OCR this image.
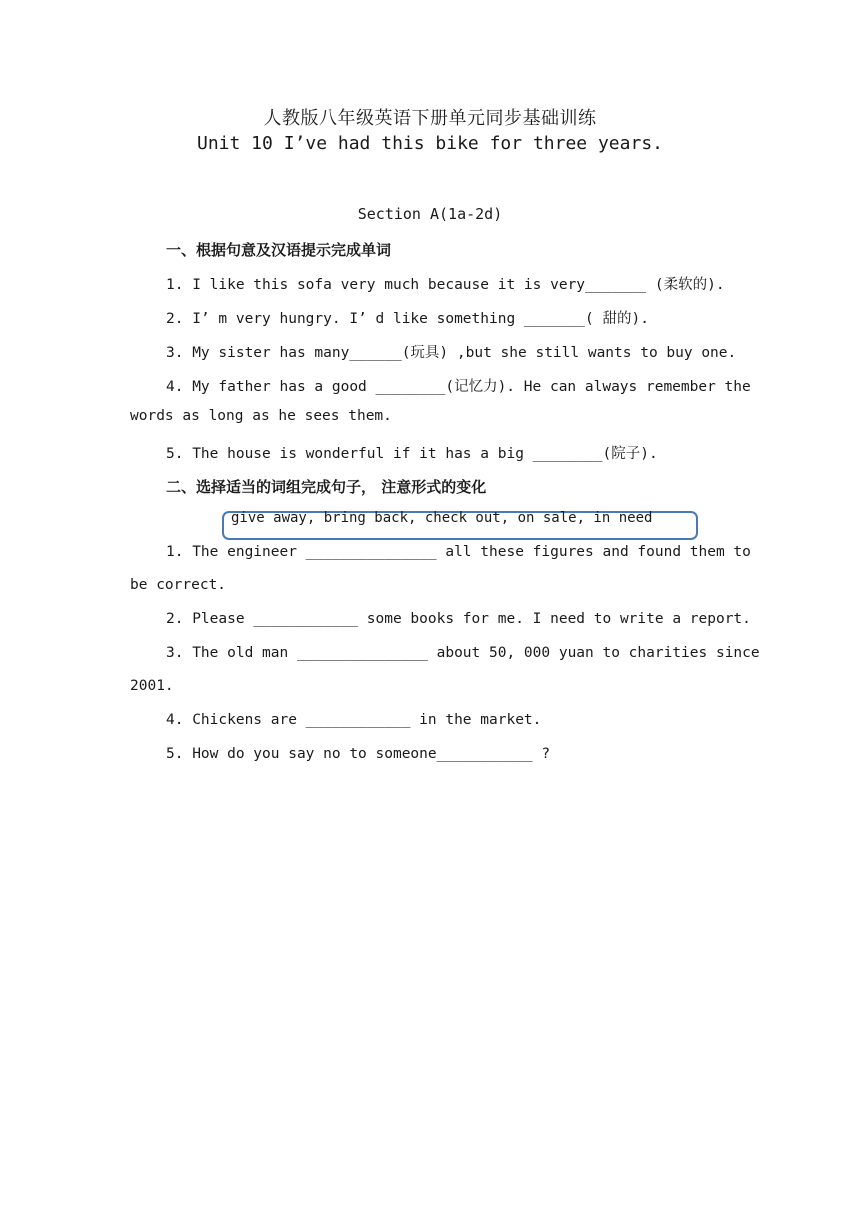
人教版八年级英语下册单元同步基础训练
Unit 10 I’ve had this bike for three years.
Section A(1a-2d)
一、根据句意及汉语提示完成单词
1. I like this sofa very much because it is very_______ (柔软的).
2. I’ m very hungry. I’ d like something _______( 甜的).
3. My sister has many______(玩具) ,but she still wants to buy one.
4. My father has a good ________(记忆力). He can always remember the
words as long as he sees them.
5. The house is wonderful if it has a big ________(院子).
二、选择适当的词组完成句子， 注意形式的变化
give away, bring back, check out, on sale, in need
1. The engineer _______________ all these figures and found them to
be correct.
2. Please ____________ some books for me. I need to write a report.
3. The old man _______________ about 50, 000 yuan to charities since
2001.
4. Chickens are ____________ in the market.
5. How do you say no to someone___________ ?
